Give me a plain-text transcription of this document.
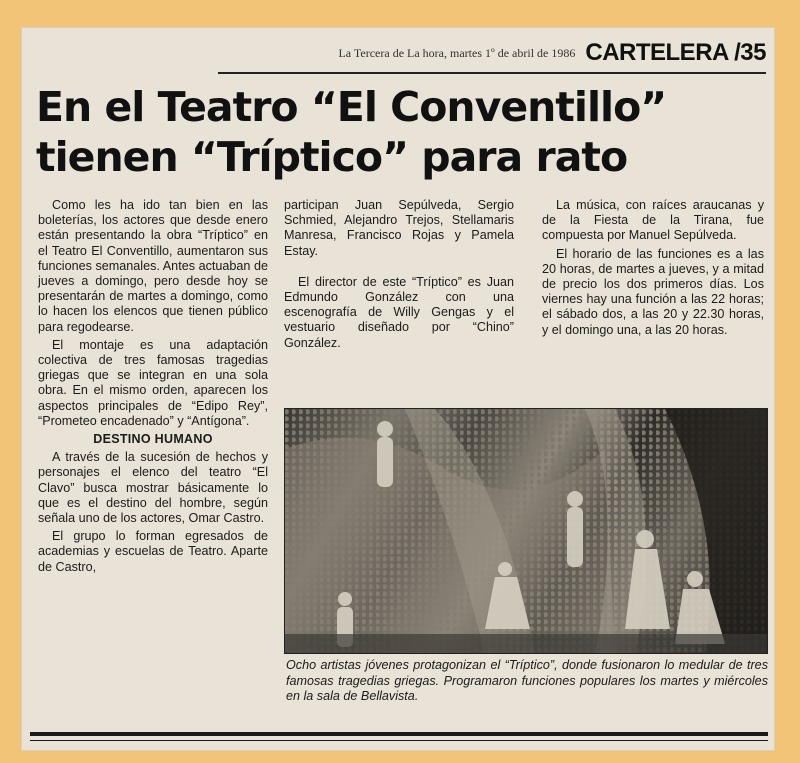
La Tercera de La hora, martes 1º de abril de 1986 CARTELERA /35
En el Teatro “El Conventillo”
tienen “Tríptico” para rato

Como les ha ido tan bien en las boleterías, los actores que desde enero están presentando la obra “Tríptico” en el Teatro El Conventillo, aumentaron sus funciones semanales. Antes actuaban de jueves a domingo, pero desde hoy se presentarán de martes a domingo, como lo hacen los elencos que tienen público para regodearse.

El montaje es una adaptación colectiva de tres famosas tragedias griegas que se integran en una sola obra. En el mismo orden, aparecen los aspectos principales de “Edipo Rey”, “Prometeo encadenado” y “Antígona”.

DESTINO HUMANO

A través de la sucesión de hechos y personajes el elenco del teatro “El Clavo” busca mostrar básicamente lo que es el destino del hombre, según señala uno de los actores, Omar Castro.

El grupo lo forman egresados de academias y escuelas de Teatro. Aparte de Castro,

participan Juan Sepúlveda, Sergio Schmied, Alejandro Trejos, Stellamaris Manresa, Francisco Rojas y Pamela Estay.

El director de este “Tríptico” es Juan Edmundo González con una escenografía de Willy Gengas y el vestuario diseñado por “Chino” González.

La música, con raíces araucanas y de la Fiesta de la Tirana, fue compuesta por Manuel Sepúlveda.

El horario de las funciones es a las 20 horas, de martes a jueves, y a mitad de precio los dos primeros días. Los viernes hay una función a las 22 horas; el sábado dos, a las 20 y 22.30 horas, y el domingo una, a las 20 horas.

Ocho artistas jóvenes protagonizan el “Tríptico”, donde fusionaron lo medular de tres famosas tragedias griegas. Programaron funciones populares los martes y miércoles en la sala de Bellavista.
